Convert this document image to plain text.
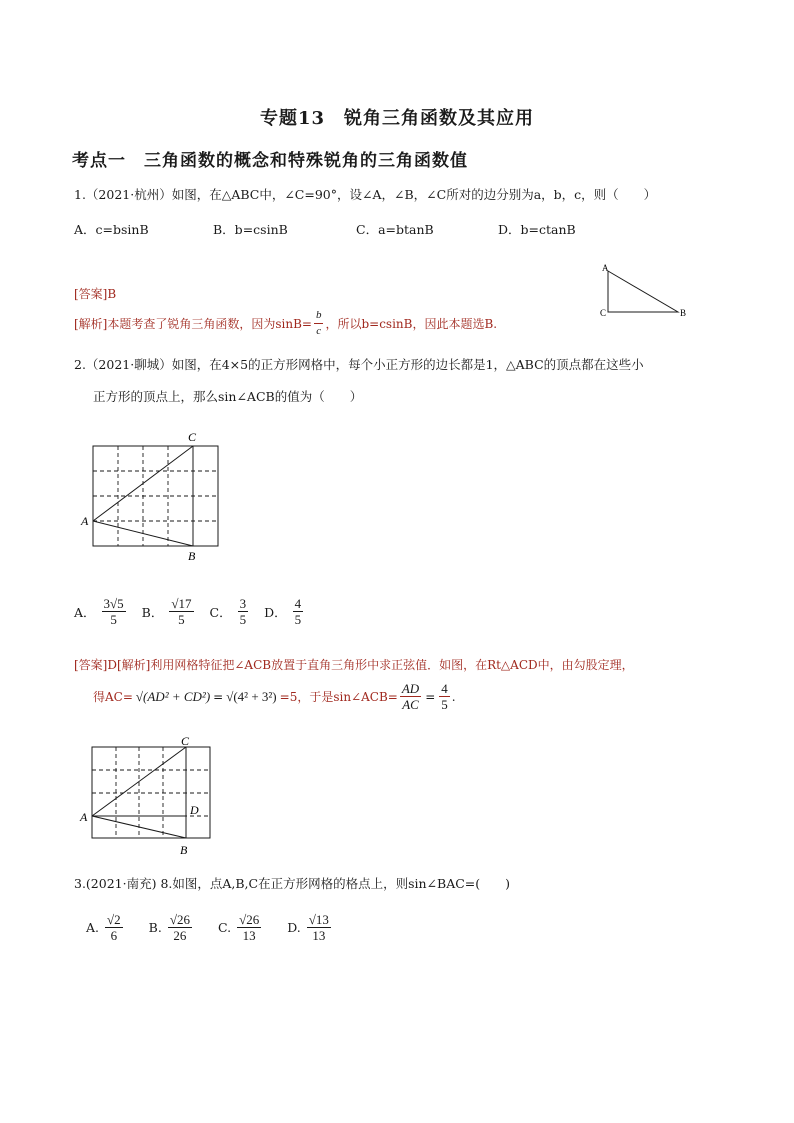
专题13　锐角三角函数及其应用
考点一　三角函数的概念和特殊锐角的三角函数值
1.（2021·杭州）如图，在△ABC中，∠C=90°，设∠A，∠B，∠C所对的边分别为a，b，c，则（　　）
A．c=bsinB	B．b=csinB	C．a=btanB	D．b=ctanB
A
B
C
[答案]B
[解析]本题考查了锐角三角函数，因为$\sin B= \frac{b}{c}$ ，所以b=csinB，因此本题选B.
2.（2021·聊城）如图，在4×5的正方形网格中，每个小正方形的边长都是1，△ABC的顶点都在这些小
正方形的顶点上，那么sin∠ACB的值为（　　）
C
A
B
A． $\frac{3√5}{5}$ B． $\frac{√17}{5}$ C． $\frac{3}{5}$ D． $\frac{4}{5}$
[答案]D[解析]利用网格特征把∠ACB放置于直角三角形中求正弦值．如图，在Rt△ACD中，由勾股定理，
得AC= √(AD² + CD²) = √(4² + 3²) =5，于是sin∠ACB= $\frac{AD}{AC} = \frac{4}{5}$ .
C
A
B
D
3.(2021·南充) 8.如图，点A,B,C在正方形网格的格点上，则sin∠BAC=(　　)
A. $\frac{√2}{6} B$. $\frac{√26}{26} C$. $\frac{√26}{13} D$. $\frac{√13}{13}$
